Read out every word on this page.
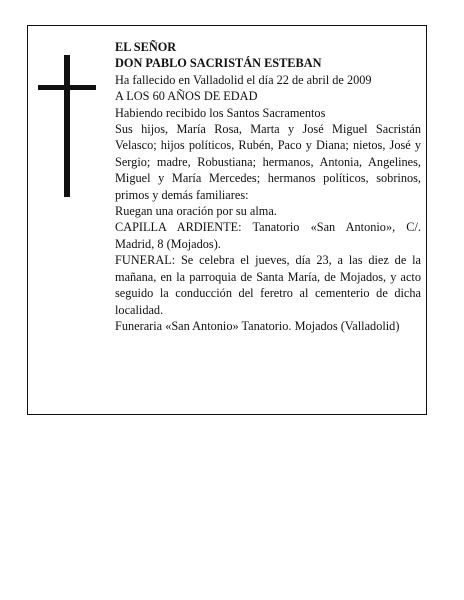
EL SEÑOR

DON PABLO SACRISTÁN ESTEBAN

Ha fallecido en Valladolid el día 22 de abril de 2009

A LOS 60 AÑOS DE EDAD

Habiendo recibido los Santos Sacramentos

Sus hijos, María Rosa, Marta y José Miguel Sacristán Velasco; hijos políticos, Rubén, Paco y Diana; nietos, José y Sergio; madre, Robustiana; hermanos, Antonia, Angelines, Miguel y María Mercedes; hermanos políticos, sobrinos, primos y demás familiares:

Ruegan una oración por su alma.

CAPILLA ARDIENTE: Tanatorio «San Antonio», C/. Madrid, 8 (Mojados).

FUNERAL: Se celebra el jueves, día 23, a las diez de la mañana, en la parroquia de Santa María, de Mojados, y acto seguido la conducción del feretro al cementerio de dicha localidad.

Funeraria «San Antonio» Tanatorio. Mojados (Valladolid)
